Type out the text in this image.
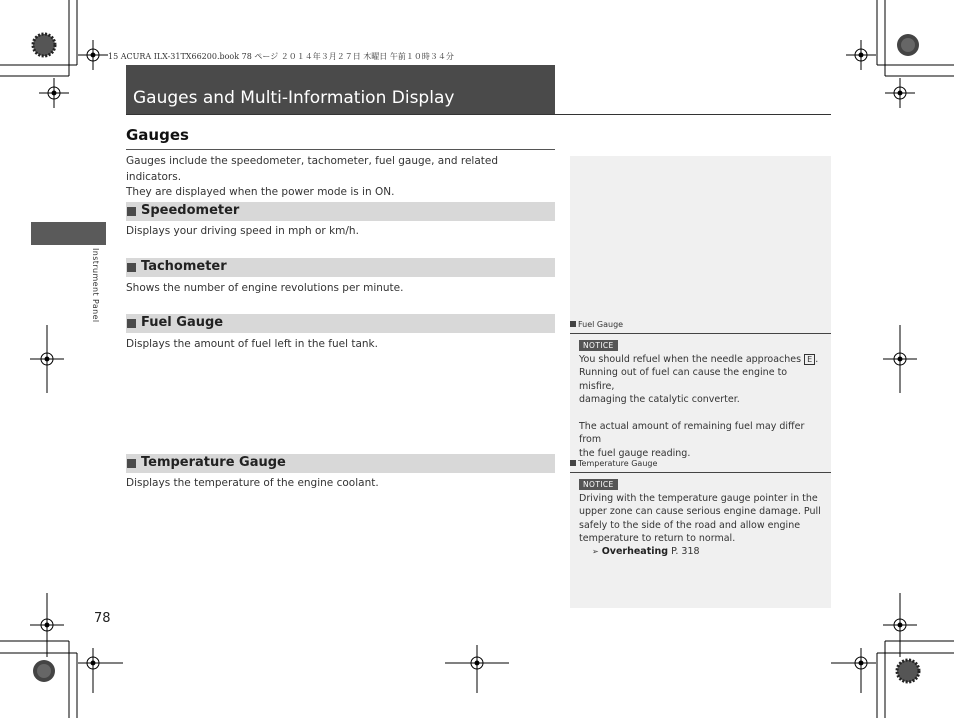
15 ACURA ILX-31TX66200.book 78 ページ ２０１４年３月２７日 木曜日 午前１０時３４分
Gauges and Multi-Information Display
Instrument Panel
Gauges
Gauges include the speedometer, tachometer, fuel gauge, and related indicators.
They are displayed when the power mode is in ON.
Speedometer
Displays your driving speed in mph or km/h.
Tachometer
Shows the number of engine revolutions per minute.
Fuel Gauge
Displays the amount of fuel left in the fuel tank.
Temperature Gauge
Displays the temperature of the engine coolant.
Fuel Gauge
NOTICE
You should refuel when the needle approaches E .
Running out of fuel can cause the engine to misfire,
damaging the catalytic converter.
The actual amount of remaining fuel may differ from
the fuel gauge reading.
Temperature Gauge
NOTICE
Driving with the temperature gauge pointer in the
upper zone can cause serious engine damage. Pull
safely to the side of the road and allow engine
temperature to return to normal.
➢ Overheating P. 318
78
